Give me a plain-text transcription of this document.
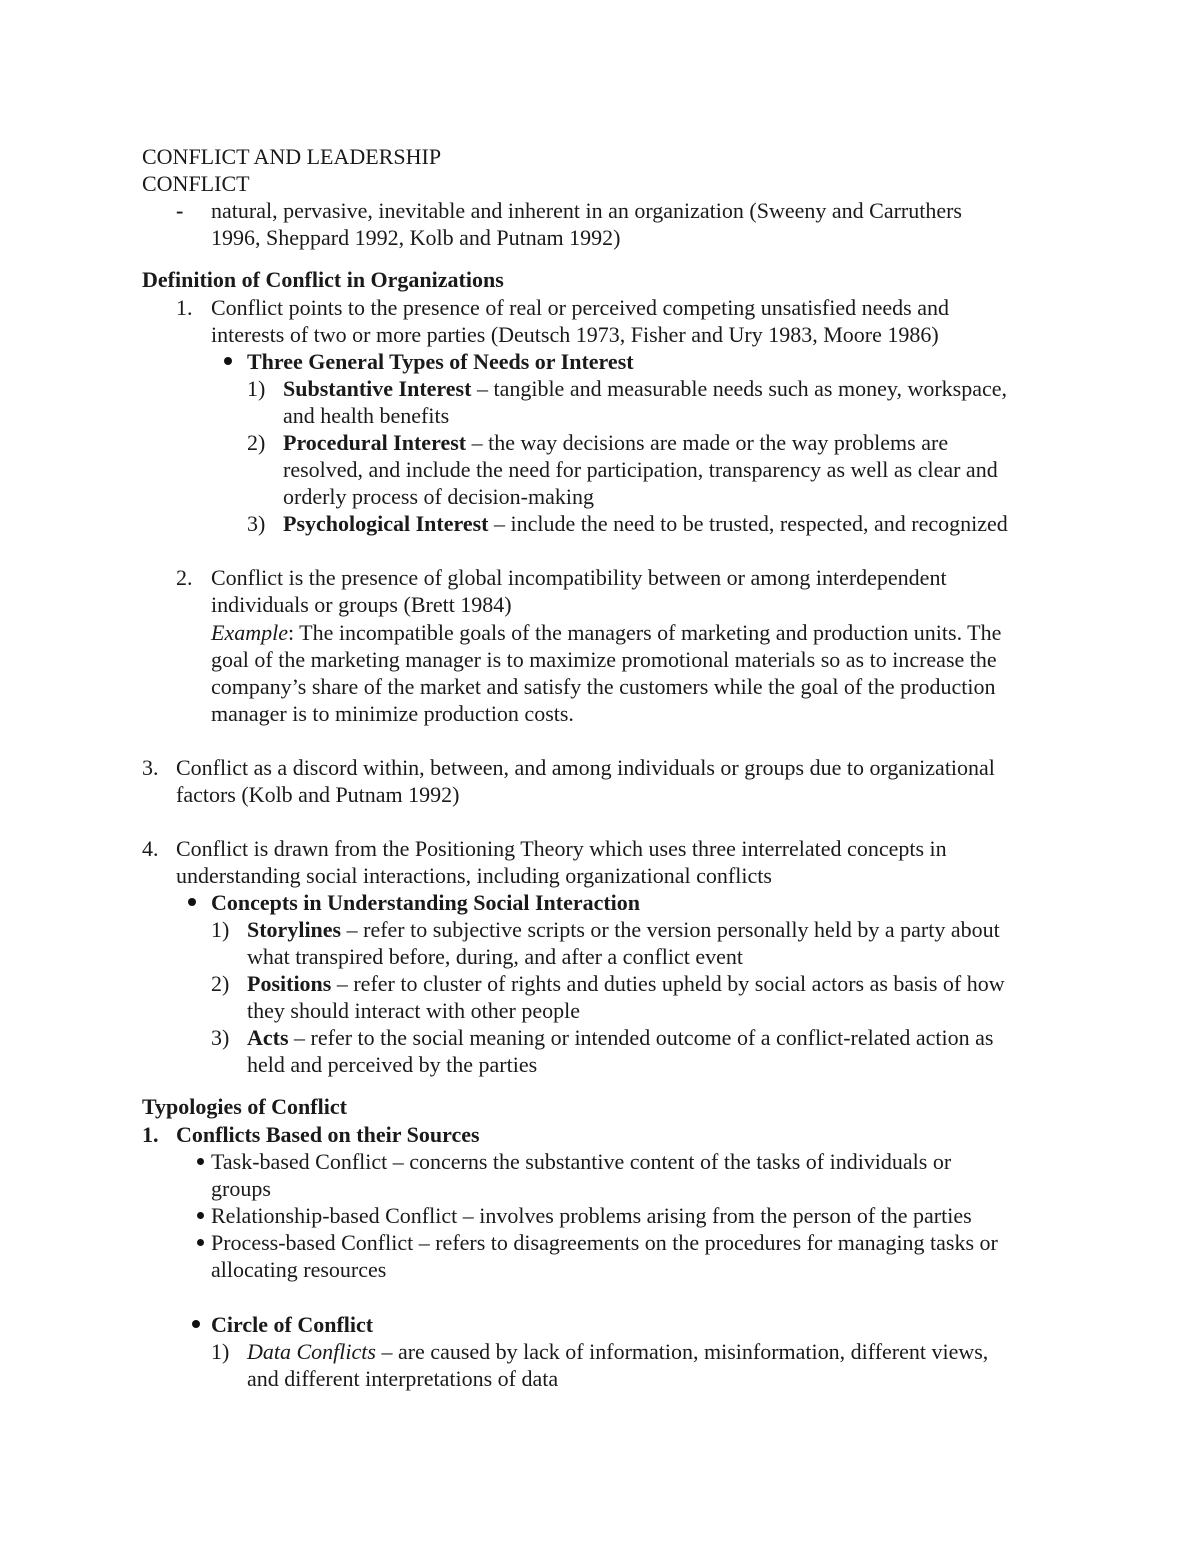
CONFLICT AND LEADERSHIP
CONFLICT
- natural, pervasive, inevitable and inherent in an organization (Sweeny and Carruthers
1996, Sheppard 1992, Kolb and Putnam 1992)
Definition of Conflict in Organizations
1. Conflict points to the presence of real or perceived competing unsatisfied needs and
interests of two or more parties (Deutsch 1973, Fisher and Ury 1983, Moore 1986)
Three General Types of Needs or Interest
1) Substantive Interest – tangible and measurable needs such as money, workspace,
and health benefits
2) Procedural Interest – the way decisions are made or the way problems are
resolved, and include the need for participation, transparency as well as clear and
orderly process of decision-making
3) Psychological Interest – include the need to be trusted, respected, and recognized
2. Conflict is the presence of global incompatibility between or among interdependent
individuals or groups (Brett 1984)
Example: The incompatible goals of the managers of marketing and production units. The
goal of the marketing manager is to maximize promotional materials so as to increase the
company’s share of the market and satisfy the customers while the goal of the production
manager is to minimize production costs.
3. Conflict as a discord within, between, and among individuals or groups due to organizational
factors (Kolb and Putnam 1992)
4. Conflict is drawn from the Positioning Theory which uses three interrelated concepts in
understanding social interactions, including organizational conflicts
Concepts in Understanding Social Interaction
1) Storylines – refer to subjective scripts or the version personally held by a party about
what transpired before, during, and after a conflict event
2) Positions – refer to cluster of rights and duties upheld by social actors as basis of how
they should interact with other people
3) Acts – refer to the social meaning or intended outcome of a conflict-related action as
held and perceived by the parties
Typologies of Conflict
1. Conflicts Based on their Sources
Task-based Conflict – concerns the substantive content of the tasks of individuals or
groups
Relationship-based Conflict – involves problems arising from the person of the parties
Process-based Conflict – refers to disagreements on the procedures for managing tasks or
allocating resources
Circle of Conflict
1) Data Conflicts – are caused by lack of information, misinformation, different views,
and different interpretations of data
